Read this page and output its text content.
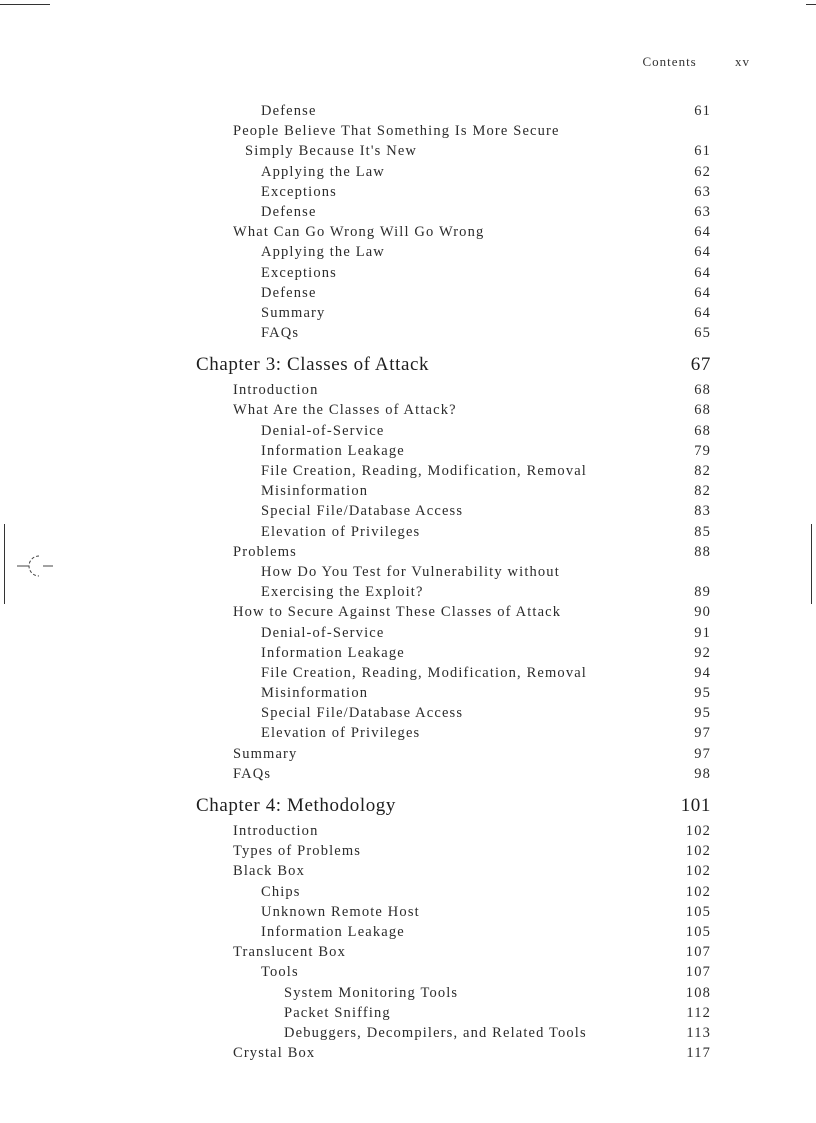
Contents	xv
Defense	61
People Believe That Something Is More Secure
Simply Because It's New	61
Applying the Law	62
Exceptions	63
Defense	63
What Can Go Wrong Will Go Wrong	64
Applying the Law	64
Exceptions	64
Defense	64
Summary	64
FAQs	65
Chapter 3: Classes of Attack	67
Introduction	68
What Are the Classes of Attack?	68
Denial-of-Service	68
Information Leakage	79
File Creation, Reading, Modification, Removal	82
Misinformation	82
Special File/Database Access	83
Elevation of Privileges	85
Problems	88
How Do You Test for Vulnerability without
Exercising the Exploit?	89
How to Secure Against These Classes of Attack	90
Denial-of-Service	91
Information Leakage	92
File Creation, Reading, Modification, Removal	94
Misinformation	95
Special File/Database Access	95
Elevation of Privileges	97
Summary	97
FAQs	98
Chapter 4: Methodology	101
Introduction	102
Types of Problems	102
Black Box	102
Chips	102
Unknown Remote Host	105
Information Leakage	105
Translucent Box	107
Tools	107
System Monitoring Tools	108
Packet Sniffing	112
Debuggers, Decompilers, and Related Tools	113
Crystal Box	117
